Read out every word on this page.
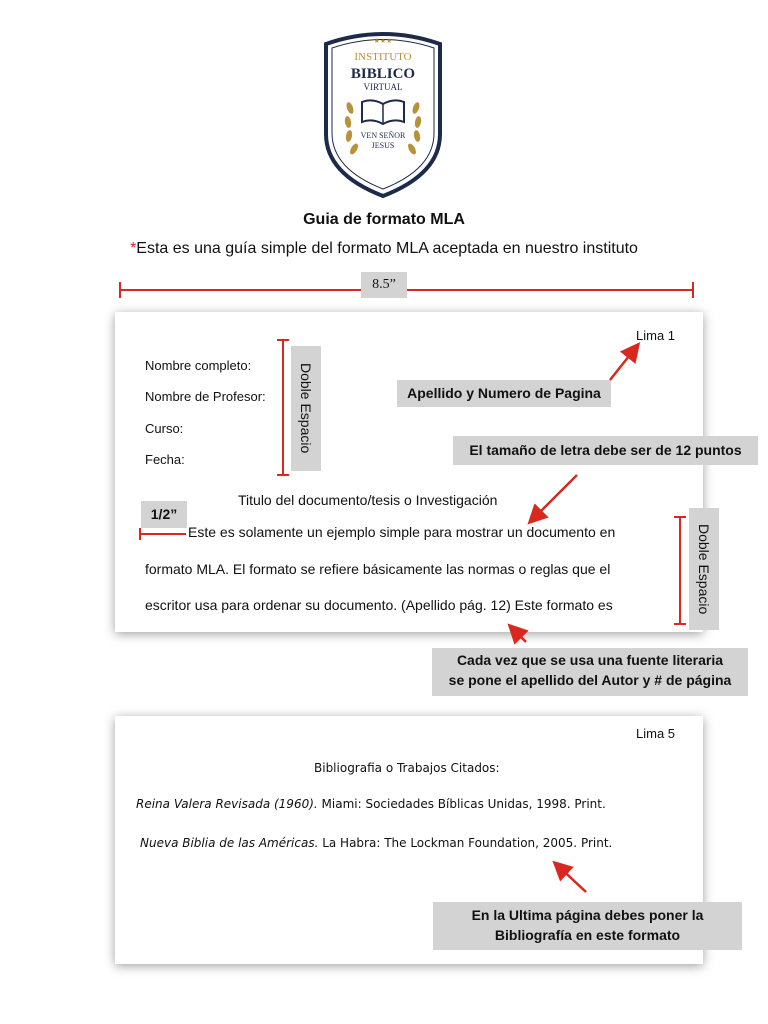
★★★
INSTITUTO
BIBLICO
VIRTUAL
VEN SEÑOR
JESUS
Guia de formato MLA
*Esta es una guía simple del formato MLA aceptada en nuestro instituto
8.5”
Lima 1
Nombre completo:
Nombre de Profesor:
Curso:
Fecha:
Doble Espacio	Apellido y Numero de Pagina
El tamaño de letra debe ser de 12 puntos
Titulo del documento/tesis o Investigación
1/2”
Este es solamente un ejemplo simple para mostrar un documento en
formato MLA. El formato se refiere básicamente las normas o reglas que el
escritor usa para ordenar su documento. (Apellido pág. 12) Este formato es	Doble Espacio
Cada vez que se usa una fuente literaria
se pone el apellido del Autor y # de página
Lima 5
Bibliografia o Trabajos Citados:
Reina Valera Revisada (1960). Miami: Sociedades Bíblicas Unidas, 1998. Print.
Nueva Biblia de las Américas. La Habra: The Lockman Foundation, 2005. Print.
En la Ultima página debes poner la
Bibliografía en este formato
